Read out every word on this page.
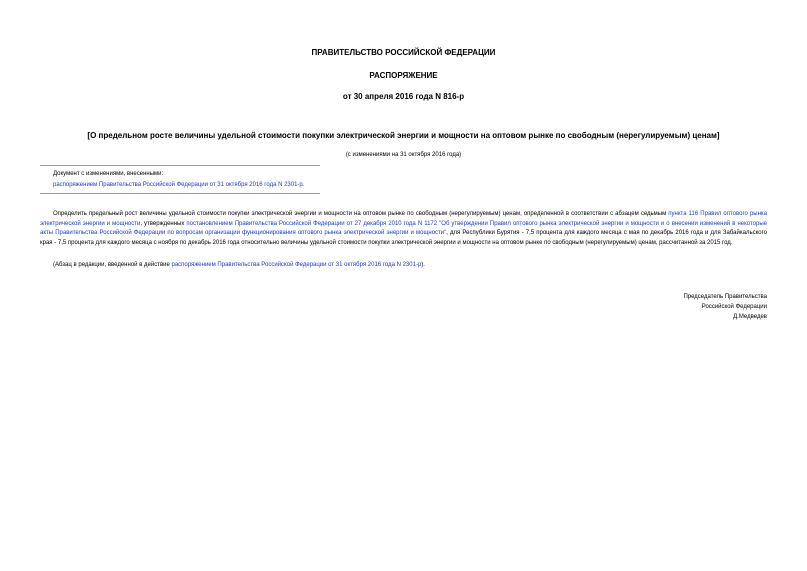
ПРАВИТЕЛЬСТВО РОССИЙСКОЙ ФЕДЕРАЦИИ
РАСПОРЯЖЕНИЕ
от 30 апреля 2016 года N 816-р
[О предельном росте величины удельной стоимости покупки электрической энергии и мощности на оптовом рынке по свободным (нерегулируемым) ценам]
(с изменениями на 31 октября 2016 года)
Документ с изменениями, внесенными:
распоряжением Правительства Российской Федерации от 31 октября 2016 года N 2301-р.

Определить предельный рост величины удельной стоимости покупки электрической энергии и мощности на оптовом рынке по свободным (нерегулируемым) ценам, определенной в соответствии с абзацем седьмым пункта 116 Правил оптового рынка электрической энергии и мощности, утвержденных постановлением Правительства Российской Федерации от 27 декабря 2010 года N 1172 "Об утверждении Правил оптового рынка электрической энергии и мощности и о внесении изменений в некоторые акты Правительства Российской Федерации по вопросам организации функционирования оптового рынка электрической энергии и мощности", для Республики Бурятия - 7,5 процента для каждого месяца с мая по декабрь 2016 года и для Забайкальского края - 7,5 процента для каждого месяца с ноября по декабрь 2016 года относительно величины удельной стоимости покупки электрической энергии и мощности на оптовом рынке по свободным (нерегулируемым) ценам, рассчитанной за 2015 год.

(Абзац в редакции, введенной в действие распоряжением Правительства Российской Федерации от 31 октября 2016 года N 2301-р).
Председатель Правительства
Российской Федерации
Д.Медведев
